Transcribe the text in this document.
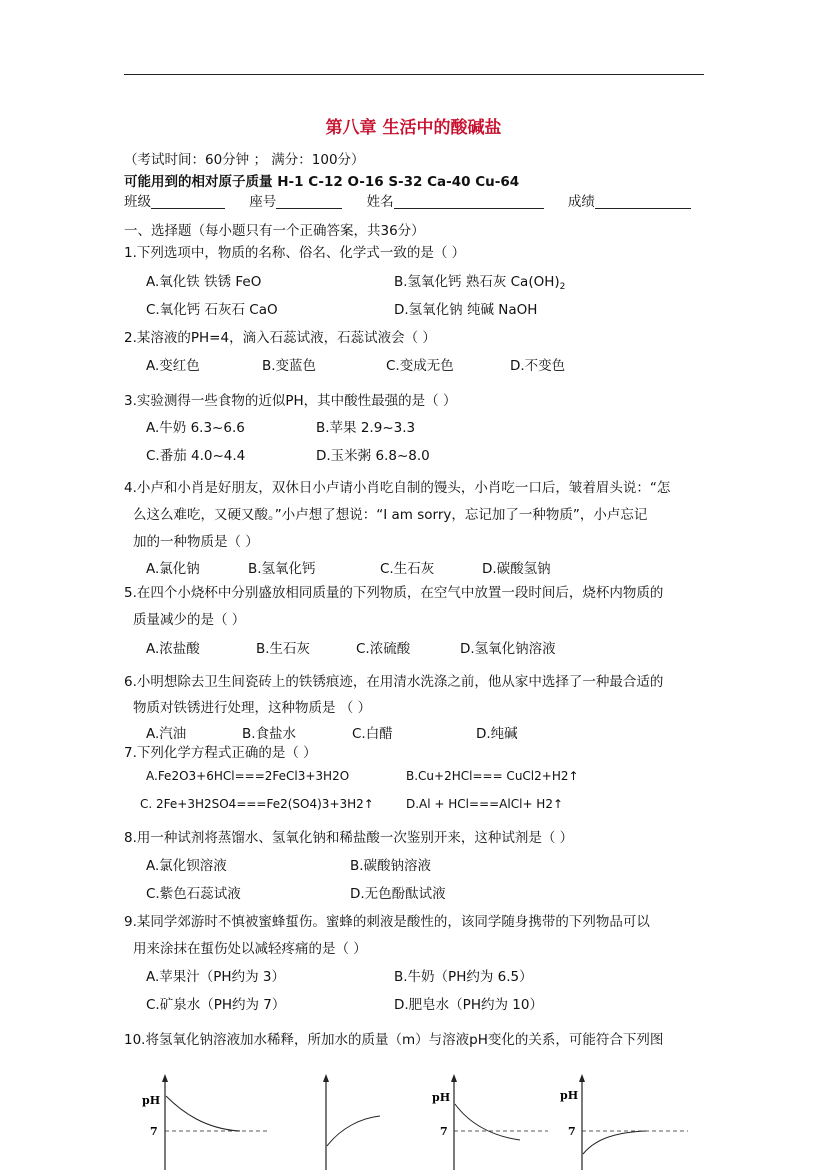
第八章 生活中的酸碱盐
（考试时间：60分钟 ； 满分：100分）
可能用到的相对原子质量 H-1 C-12 O-16 S-32 Ca-40 Cu-64
班级	座号	姓名	成绩
一、选择题（每小题只有一个正确答案，共36分）
1.下列选项中，物质的名称、俗名、化学式一致的是（ ）
A.氧化铁 铁锈 FeO	B.氢氧化钙 熟石灰 $Ca(OH)_2$
C.氧化钙 石灰石 CaO	D.氢氧化钠 纯碱 NaOH
2.某溶液的PH=4，滴入石蕊试液，石蕊试液会（ ）
A.变红色	B.变蓝色	C.变成无色	D.不变色
3.实验测得一些食物的近似PH，其中酸性最强的是（ ）
A.牛奶 6.3~6.6	B.苹果 2.9~3.3
C.番茄 4.0~4.4	D.玉米粥 6.8~8.0
4.小卢和小肖是好朋友，双休日小卢请小肖吃自制的馒头，小肖吃一口后，皱着眉头说：“怎
么这么难吃，又硬又酸。”小卢想了想说：“I am sorry，忘记加了一种物质”，小卢忘记
加的一种物质是（ ）
A.氯化钠	B.氢氧化钙	C.生石灰	D.碳酸氢钠
5.在四个小烧杯中分别盛放相同质量的下列物质，在空气中放置一段时间后，烧杯内物质的
质量减少的是（ ）
A.浓盐酸	B.生石灰	C.浓硫酸	D.氢氧化钠溶液
6.小明想除去卫生间瓷砖上的铁锈痕迹，在用清水洗涤之前，他从家中选择了一种最合适的
物质对铁锈进行处理，这种物质是 （ ）
A.汽油	B.食盐水	C.白醋	D.纯碱
7.下列化学方程式正确的是（ ）
A.Fe2O3+6HCl===2FeCl3+3H2O	B.Cu+2HCl=== CuCl2+H2↑
C. 2Fe+3H2SO4===Fe2(SO4)3+3H2↑	D.Al + HCl===AlCl+ H2↑
8.用一种试剂将蒸馏水、氢氧化钠和稀盐酸一次鉴别开来，这种试剂是（ ）
A.氯化钡溶液	B.碳酸钠溶液
C.紫色石蕊试液	D.无色酚酞试液
9.某同学郊游时不慎被蜜蜂蜇伤。蜜蜂的刺液是酸性的，该同学随身携带的下列物品可以
用来涂抹在蜇伤处以减轻疼痛的是（ ）
A.苹果汁（PH约为 3）	B.牛奶（PH约为 6.5）
C.矿泉水（PH约为 7）	D.肥皂水（PH约为 10）
10.将氢氧化钠溶液加水稀释，所加水的质量（m）与溶液pH变化的关系，可能符合下列图
pH
7
pH
7
pH
7
